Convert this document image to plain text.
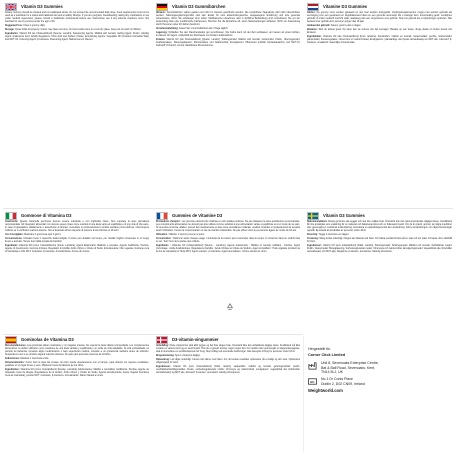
Vitamin D3 Gummies

Advice: Gummy should be chewed and not swallowed whole. Do not exceed the recommended daily dose. Food supplements must not be used as a substitute for a varied and balanced diet and a healthy lifestyle. If you are pregnant, breastfeeding, taking any medications or are under medical supervision, please consult a healthcare professional before use. Discontinue use if any adverse reactions occur. Not intended for use by persons under the age of 18.

Suggested Use: Chew 1 gummy daily.

Storage: Close bottle lid properly. Colour may fade over time, for best results store in a cool dry place. Keep out of reach of children.

Ingredients: Vitamin D3 (as Cholecalciferol) [Source: Lanolin], Sweetening Agents: Maltitol and Isomalt, Gelling Agent: Pectin, Glazing Agent: Anabolenic Acid, Acidity Regulators: Citric Acid and Sodium Citrate, Emulsifying Agents: Vegetable Oil (Contains Carnauba Wax) and MCT Oil, Colouring Agent: β-Carotene, Flavouring Agent: Natural Lemon Flavour.

Vitamin D3 Gummibärchen

Hinweis: Gummibärchen sollten gekaut und nicht im Ganzen geschluckt werden. Die empfohlene Tagesdosis darf nicht überschritten werden. Nahrungsergänzungsmittel sind kein Ersatz für eine abwechslungsreiche, ausgewogene Ernährung und eine gesunde Lebensweise. Wenn Sie schwanger sind, stillen, Medikamente einnehmen oder in ärztlicher Behandlung sind, konsultieren Sie vor der Anwendung bitte eine medizinische Fachperson. Brechen Sie die Einnahme ab, wenn Nebenwirkungen auftreten. Nicht zur Anwendung durch Personen unter 18 Jahren bestimmt.

Verzehrempfehlung: Kauen Sie 1 Gummibärchen alle 4 Tage täglich.

Lagerung: Schließen Sie den Flaschendeckel gut verschlossen. Die Farbe kann mit der Zeit verblassen, am besten an einem kühlen, trockenen Ort lagern. Außerhalb der Reichweite von Kindern aufbewahren.

Zutaten: Vitamin D3 (als Cholecalciferol) [Quelle: Lanolin], Süßungsmittel: Maltitol und Isomalt, Geliermittel: Pektin, Überzugsmittel: Anabolensäure, Säureregulatoren: Zitronensäure und Natriumcitrat, Emulgatoren: Pflanzenöl (enthält Carnaubawachs) und MCT-Öl, Farbstoff: β-Carotin, Aroma: Natürliches Zitronenaroma.

Vitamine D3 Gummies

Advies: De gummy moet worden gekauwd en niet heel worden doorgeslikt. Voedingssupplementen mogen niet worden gebruikt als vervanging voor een gevarieerd en uitgebalanceerd dieet en een gezonde levensstijl. Als u zwanger bent, borstvoeding geeft, medicijnen gebruikt of onder medisch toezicht staat, raadpleeg dan een zorgverlener voor gebruik. Stop het gebruik als er bijwerkingen optreden. Niet bedoeld voor gebruik door personen jonger dan 18 jaar.

Aanbevolen gebruik: Kauw 1 gummy elke 2 dagen.

Bewaren: Sluit de deksel goed. De kleur kan na verloop van tijd vervagen. Bewaar op een koele, droge plaats en buiten bereik van kinderen.

Ingrediënten: Vitamine D3 (als Cholecalciferol) [bron: lanoline], Zoetstoffen: maltitol en isomalt, Geleermiddel: pectine, Glansmiddel: glansmiddel, Zuurteregelaars: citroenzuur en natriumcitraat, Emulgatoren: plantaardige olie (bevat carnaubawas) en MCT-olie, Kleurstof: β-caroteen, smaakstof: natuurlijke citroensmaak.

Gommose di Vitamina D3

Avvertenze: Questo caramelle gommose devono essere masticate e non inghiottite intere. Non superare la dose giornaliera raccomandata. Gli integratori alimentari non devono essere intesi come sostituti di una dieta varia ed equilibrata e di uno stile di vita sano. In caso di gravidanza, allattamento o assunzione di farmaci, consultare un professionista in ambito sanitario prima dell'uso. Interrompere l'utilizzo se si verificano reazioni avverse. Non è destinato all'uso da parte di persone di età inferiore ai 18 anni.

Uso Consigliato: Masticare 1 gommosa ogni 2 giorni.

Conservazione: Chiudere bene il coperchio della bottiglia. Il colore può sbiadire nel tempo, per risultati migliori conservare in un luogo fresco e asciutto. Tenere fuori dalla portata dei bambini.

Ingredienti: Vitamina D3 (come Colecalciferolo) [Fonte: Lanolina], Agenti Edulcoranti: Maltitolo e Isomalto, Agente Gelificante: Pectina, Agente di rivestimento: Gomma d'Acquo, Regolatori di Acidità: Acido Citrico e Citrato di Sodio, Emulsionante: Olio vegetale (contiene cera di Carnauba) e Olio MCT, Colorante: β-carotene, Aromatizzante: Aroma di Limone.

Gummies de Vitamine D3

Précautions d'emploi : Les gummies doivent être mâchées et non avalées entières. Ne pas dépasser la dose quotidienne recommandée. Les compléments alimentaires ne doivent pas être utilisés comme substitut à une alimentation variée et équilibrée et à un mode de vie sain. Si vous êtes enceinte, allaitez, prenez des médicaments ou êtes sous surveillance médicale, veuillez consulter un professionnel de la santé avant l'utilisation. Cesser la consommation en cas de réaction indésirable. Ne pas utiliser chez les personnes âgées de moins de 18 ans.

Utilisation : Mâcher 1 Gummy tous les 2 jours.

Conservation : Refermer après chaque usage. L'intensité de la couleur peut s'estomper dans le temps. À conserver dans un endroit frais et sec. Tenir hors de la portée des enfants.

Ingrédients : Vitamine D3 (Cholécalciférol) [Source : Lanoline], Agents édulcorants : Maltitol et Isomalt, Gélifiant : Pectine, Agent d'enrobage : Acide Anabolénique, Régulateurs d'acidité : Acide Citrique et Citrate de Sodium, Agent émulsifiant : Huile végétale (contient de la cire de carnauba) et Huile MCT, Agent colorant : β-Carotène, Agent aromatisant : Arôme naturel de citron.

Vitamin D3 Gummies

Rekommendation: Dessa gummies ska tuggas och ska inte sväljas hela. Överskrid inte den rekommenderade dagliga dosen. Kosttillskott får inte användas som ersättning för en varierad och balanserad kost och en hälsosam livsstil. Om du är gravid, ammar, tar några mediciner eller genomgår en medicinsk undersökning, konsultera en sjukvårdspersonal före användning. Avbryt användningen om några biverkningar uppstår. Ej avsedd att användas av personer under 18 år.

Dosering: Tugga 1 Gummies om dagen.

Förvaring: Stäng locket ordentligt. Färgen kan blekna med tiden. För bästa resultat förvara på en sval och torr plats. Förvaras utom räckhåll för barn.

Ingredienser: Vitamin D3 (som kolekalciferol) [Källa: Lanolin], Sötningsmedel: Sötningsmedel: Maltitol och Isomalt, Gelbildande medel: Pektin, Glasyrmedel: Bivaxglasering, Surhetsreglerande medel: Citronsyra och natriumcitrat, Emulgeringsmedel: Vegetabilisk olja (innehåller carnaubavax) och MCT-olja, Färgämne: β-karoten, aromämne: Naturlig citronarom.

Gominolas de Vitamina D3

Recomendaciones: Las gominolas deben masticarse y no tragarse enteras. No superar la dosis diaria recomendada. Los complementos alimenticios no deben utilizarse como sustitutos de una dieta variada y equilibrada y un estilo de vida saludable. Si está embarazada, en periodo de lactancia, tomando algún medicamento o bajo supervisión médica, consulte a un profesional sanitario antes de utilizarlo. Suspenda su uso si se produce alguna reacción adversa. No apto para personas menores de 18 años.

Indicaciones: Masticar 1 Gominola al día.

Almacenamiento: Cierre bien la tapa del envase. El color puede desvanecerse con el tiempo, para obtener los mejores resultados, guárdelo en un lugar fresco y seco. Mantener fuera del alcance de los niños.

Ingredientes: Vitamina D3 (como Colecalciferol) [Fuente: Lanolina], Edulcorantes: Maltitol e Isomaltitol, Gelificante: Pectina, Agente de Glaseado: Cera de Abejas, Reguladores de la Acidez: Ácido Cítrico y Citrato de Sodio, Agente Emulsionante: Aceite Vegetal (Contiene Cera de Carnaúba) y Aceite MCT, Colorante: β-Caroteno, Aromatizante: Sabor Natural a Limón.

D3-vitamin-vingummier

Anbefaling: Disse vingummier skal altid tygges og bør ikke sluges hele. Overskrid ikke den anbefalede daglige dosis. Kosttilskud må ikke erstatte en varieret kost og en sund livsstil. Hvis du er gravid, ammer, tager nogen form for medicin eller gennemgår en lægeundersøgelse, skal du konsultere en sundhedsperson før brug. Stop indtag ved eventuelle bivirkninger. Ikke beregnet til brug for personer under 18 år.

Brugsanvisning: Spis 1 vingummi dagligt.

Opbevaring: Luk låget ordentligt. Farven kan falme med tiden. For de bedste resultater opbevares på et køligt og tørt sted. Opbevares utilgængeligt for børn.

Ingredienser: Vitamin D3 (som cholecalciferol) [Kilde: lanolin], sødestoffer: maltitol og isomalt, geleringsmiddel: pektin, overfladebehandlingsmiddel: bivoks, surhedsregulerende midler: citronsyre og natriumcitrat, emulgatorer: vegetabilsk olie (indeholder carnaubavoks) og MCT-olie, farvestof: β-caroten, aromastof: naturlig citronaroma.

Hergestellt für
Corner Click Limited
Unit 8, Sevenoaks Enterprise Centre,
Bat & Ball Road, Sevenoaks, Kent,
TN14 5LJ, UK
EC
No.1 Dr Corks Place
Dublin 2, D02 CN09, Ireland
Weightworld.com
